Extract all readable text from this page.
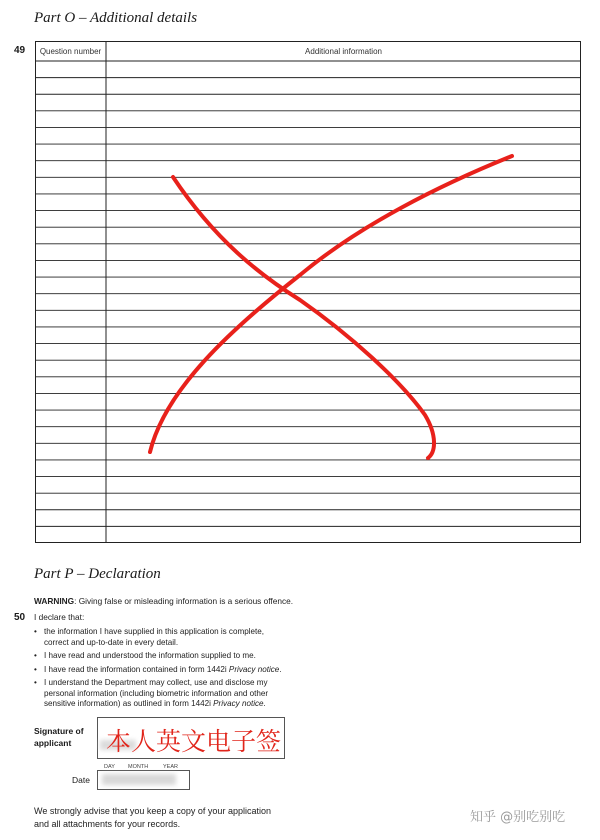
Part O – Additional details
49	Question number	Additional information
Part P – Declaration
WARNING: Giving false or misleading information is a serious offence.
50 I declare that:
• the information I have supplied in this application is complete,
correct and up-to-date in every detail.
• I have read and understood the information supplied to me.
• I have read the information contained in form 1442i Privacy notice.
• I understand the Department may collect, use and disclose my
personal information (including biometric information and other
sensitive information) as outlined in form 1442i Privacy notice.
Signature of
applicant	本人英文电子签
DAY MONTH	YEAR
Date
We strongly advise that you keep a copy of your application
and all attachments for your records.	知乎 @别吃别吃
